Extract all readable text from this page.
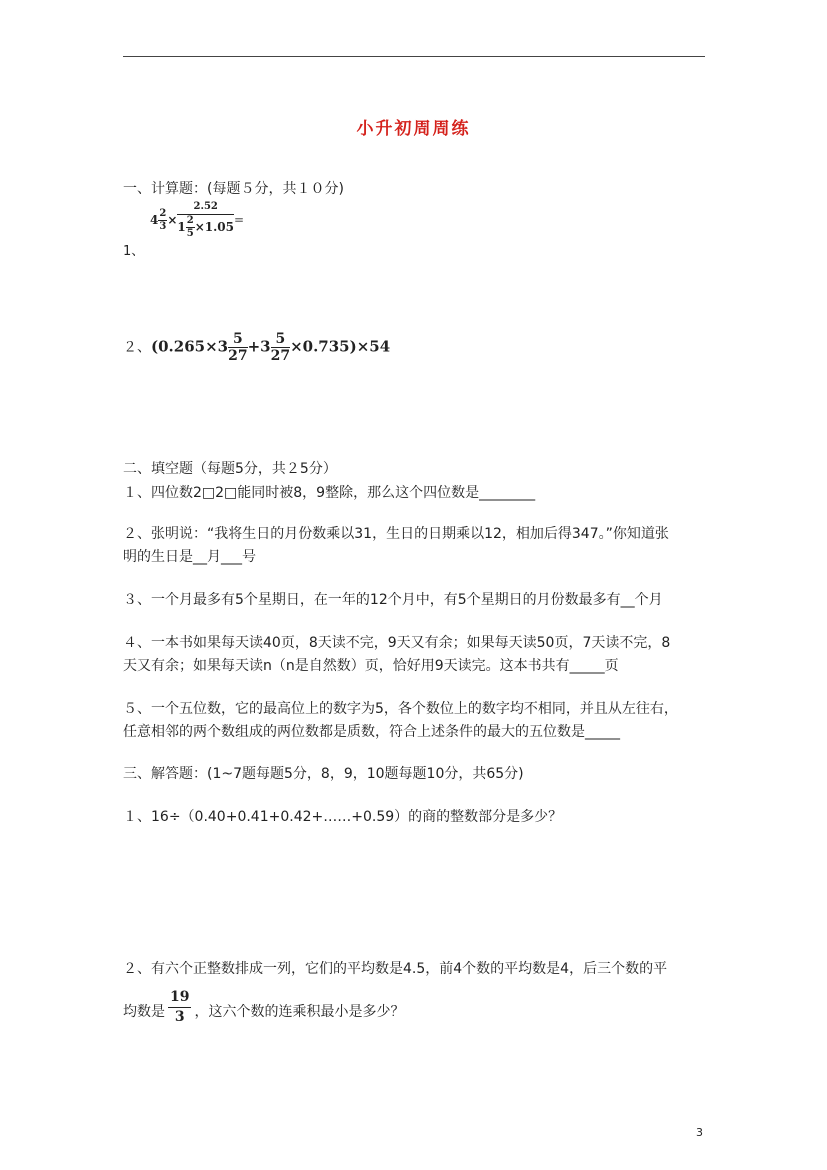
小升初周周练
一、计算题：(每题５分，共１０分)
$4 \frac{2}{3} \times \frac{2.52}{1 \frac{2}{5} \times 1.05}$ =
1、
２、$(0.265\times 3 \frac{5}{27} +3 \frac{5}{27} \times 0.735)\times 54$
二、填空题（每题5分，共２5分）
１、四位数2□2□能同时被8，9整除，那么这个四位数是________
２、张明说：“我将生日的月份数乘以31，生日的日期乘以12，相加后得347。”你知道张
明的生日是__月___号
３、一个月最多有5个星期日，在一年的12个月中，有5个星期日的月份数最多有__个月
４、一本书如果每天读40页，8天读不完，9天又有余；如果每天读50页，7天读不完，8
天又有余；如果每天读n（n是自然数）页，恰好用9天读完。这本书共有_____页
５、一个五位数，它的最高位上的数字为5，各个数位上的数字均不相同，并且从左往右，
任意相邻的两个数组成的两位数都是质数，符合上述条件的最大的五位数是_____
三、解答题：(1~7题每题5分，8，9，10题每题10分，共65分)
１、16÷（0.40+0.41+0.42+……+0.59）的商的整数部分是多少？
２、有六个正整数排成一列，它们的平均数是4.5，前4个数的平均数是4，后三个数的平
均数是 $\frac{19}{3}$ ，这六个数的连乘积最小是多少？
3
